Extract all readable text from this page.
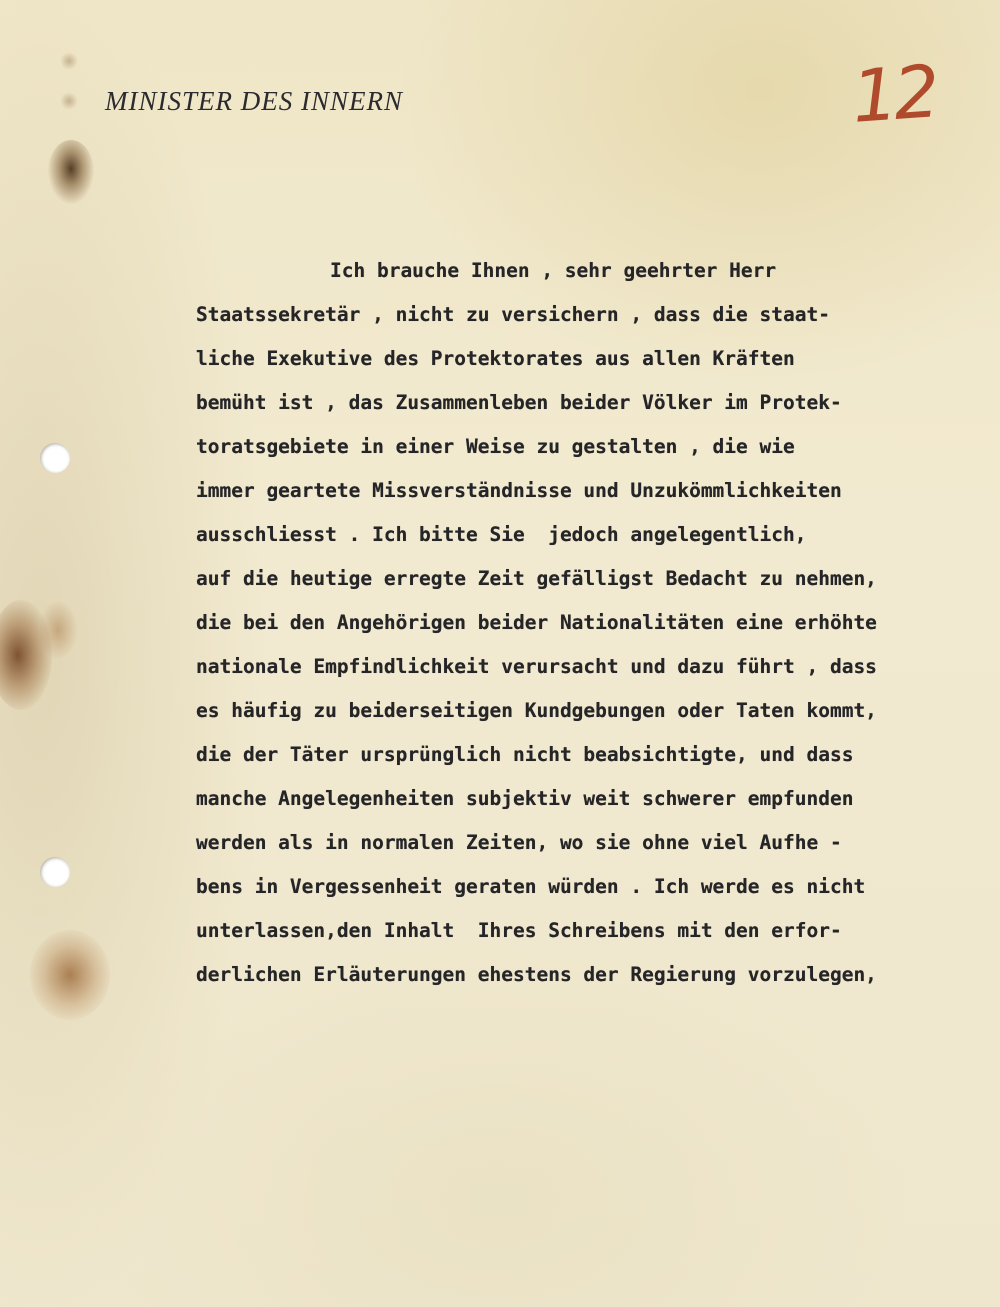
MINISTER DES INNERN	12
Ich brauche Ihnen , sehr geehrter Herr
Staatssekretär , nicht zu versichern , dass die staat-
liche Exekutive des Protektorates aus allen Kräften
bemüht ist , das Zusammenleben beider Völker im Protek-
toratsgebiete in einer Weise zu gestalten , die wie
immer geartete Missverständnisse und Unzukömmlichkeiten
ausschliesst . Ich bitte Sie  jedoch angelegentlich,
auf die heutige erregte Zeit gefälligst Bedacht zu nehmen,
die bei den Angehörigen beider Nationalitäten eine erhöhte
nationale Empfindlichkeit verursacht und dazu führt , dass
es häufig zu beiderseitigen Kundgebungen oder Taten kommt,
die der Täter ursprünglich nicht beabsichtigte, und dass
manche Angelegenheiten subjektiv weit schwerer empfunden
werden als in normalen Zeiten, wo sie ohne viel Aufhe -
bens in Vergessenheit geraten würden . Ich werde es nicht
unterlassen,den Inhalt  Ihres Schreibens mit den erfor-
derlichen Erläuterungen ehestens der Regierung vorzulegen,
